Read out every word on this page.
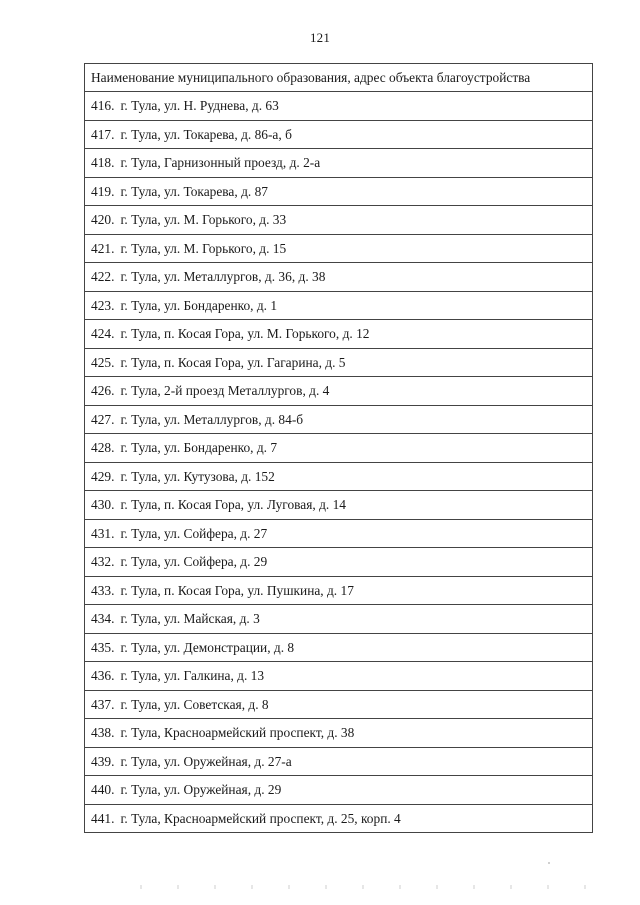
121
Наименование муниципального образования, адрес объекта благоустройства
416. г. Тула, ул. Н. Руднева, д. 63
417. г. Тула, ул. Токарева, д. 86-а, б
418. г. Тула, Гарнизонный проезд, д. 2-а
419. г. Тула, ул. Токарева, д. 87
420. г. Тула, ул. М. Горького, д. 33
421. г. Тула, ул. М. Горького, д. 15
422. г. Тула, ул. Металлургов, д. 36, д. 38
423. г. Тула, ул. Бондаренко, д. 1
424. г. Тула, п. Косая Гора, ул. М. Горького, д. 12
425. г. Тула, п. Косая Гора, ул. Гагарина, д. 5
426. г. Тула, 2-й проезд Металлургов, д. 4
427. г. Тула, ул. Металлургов, д. 84-б
428. г. Тула, ул. Бондаренко, д. 7
429. г. Тула, ул. Кутузова, д. 152
430. г. Тула, п. Косая Гора, ул. Луговая, д. 14
431. г. Тула, ул. Сойфера, д. 27
432. г. Тула, ул. Сойфера, д. 29
433. г. Тула, п. Косая Гора, ул. Пушкина, д. 17
434. г. Тула, ул. Майская, д. 3
435. г. Тула, ул. Демонстрации, д. 8
436. г. Тула, ул. Галкина, д. 13
437. г. Тула, ул. Советская, д. 8
438. г. Тула, Красноармейский проспект, д. 38
439. г. Тула, ул. Оружейная, д. 27-а
440. г. Тула, ул. Оружейная, д. 29
441. г. Тула, Красноармейский проспект, д. 25, корп. 4
